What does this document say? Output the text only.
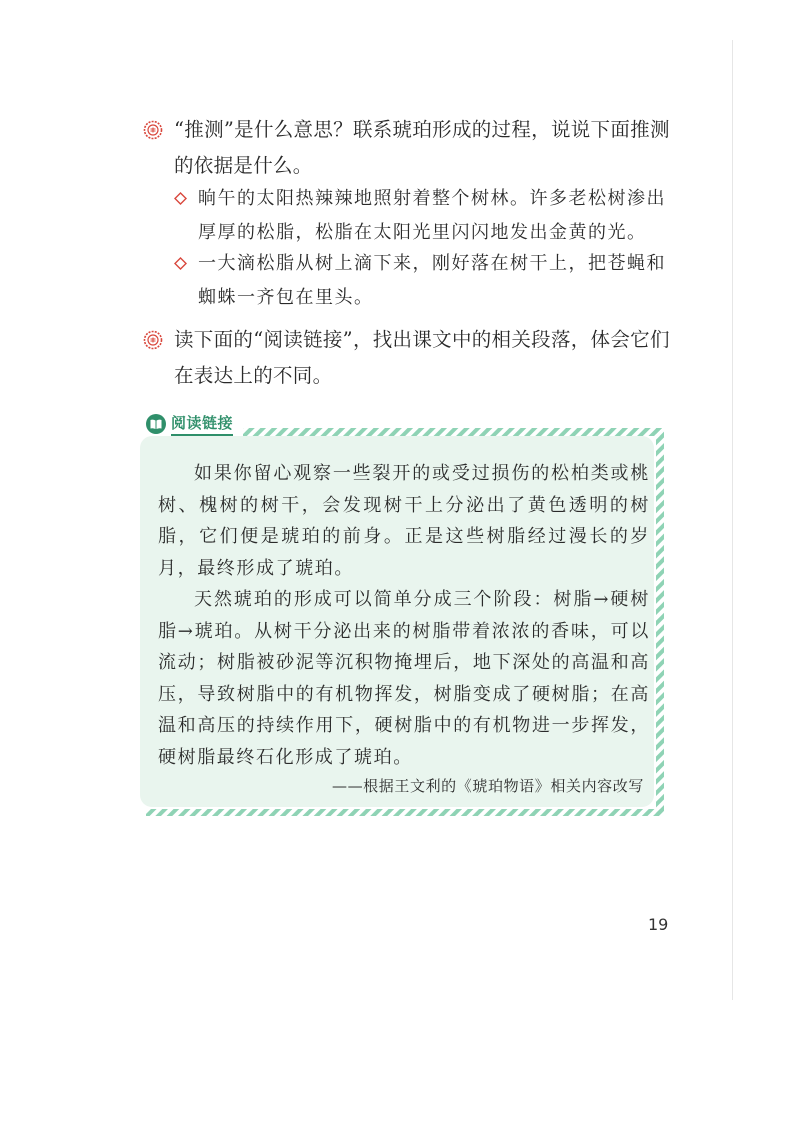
“推测”是什么意思？联系琥珀形成的过程，说说下面推测的依据是什么。
晌午的太阳热辣辣地照射着整个树林。许多老松树渗出厚厚的松脂，松脂在太阳光里闪闪地发出金黄的光。
一大滴松脂从树上滴下来，刚好落在树干上，把苍蝇和蜘蛛一齐包在里头。
读下面的“阅读链接”，找出课文中的相关段落，体会它们在表达上的不同。

如果你留心观察一些裂开的或受过损伤的松柏类或桃树、槐树的树干，会发现树干上分泌出了黄色透明的树脂，它们便是琥珀的前身。正是这些树脂经过漫长的岁月，最终形成了琥珀。

天然琥珀的形成可以简单分成三个阶段：树脂→硬树脂→琥珀。从树干分泌出来的树脂带着浓浓的香味，可以流动；树脂被砂泥等沉积物掩埋后，地下深处的高温和高压，导致树脂中的有机物挥发，树脂变成了硬树脂；在高温和高压的持续作用下，硬树脂中的有机物进一步挥发，硬树脂最终石化形成了琥珀。

——根据王文利的《琥珀物语》相关内容改写
阅读链接
19
